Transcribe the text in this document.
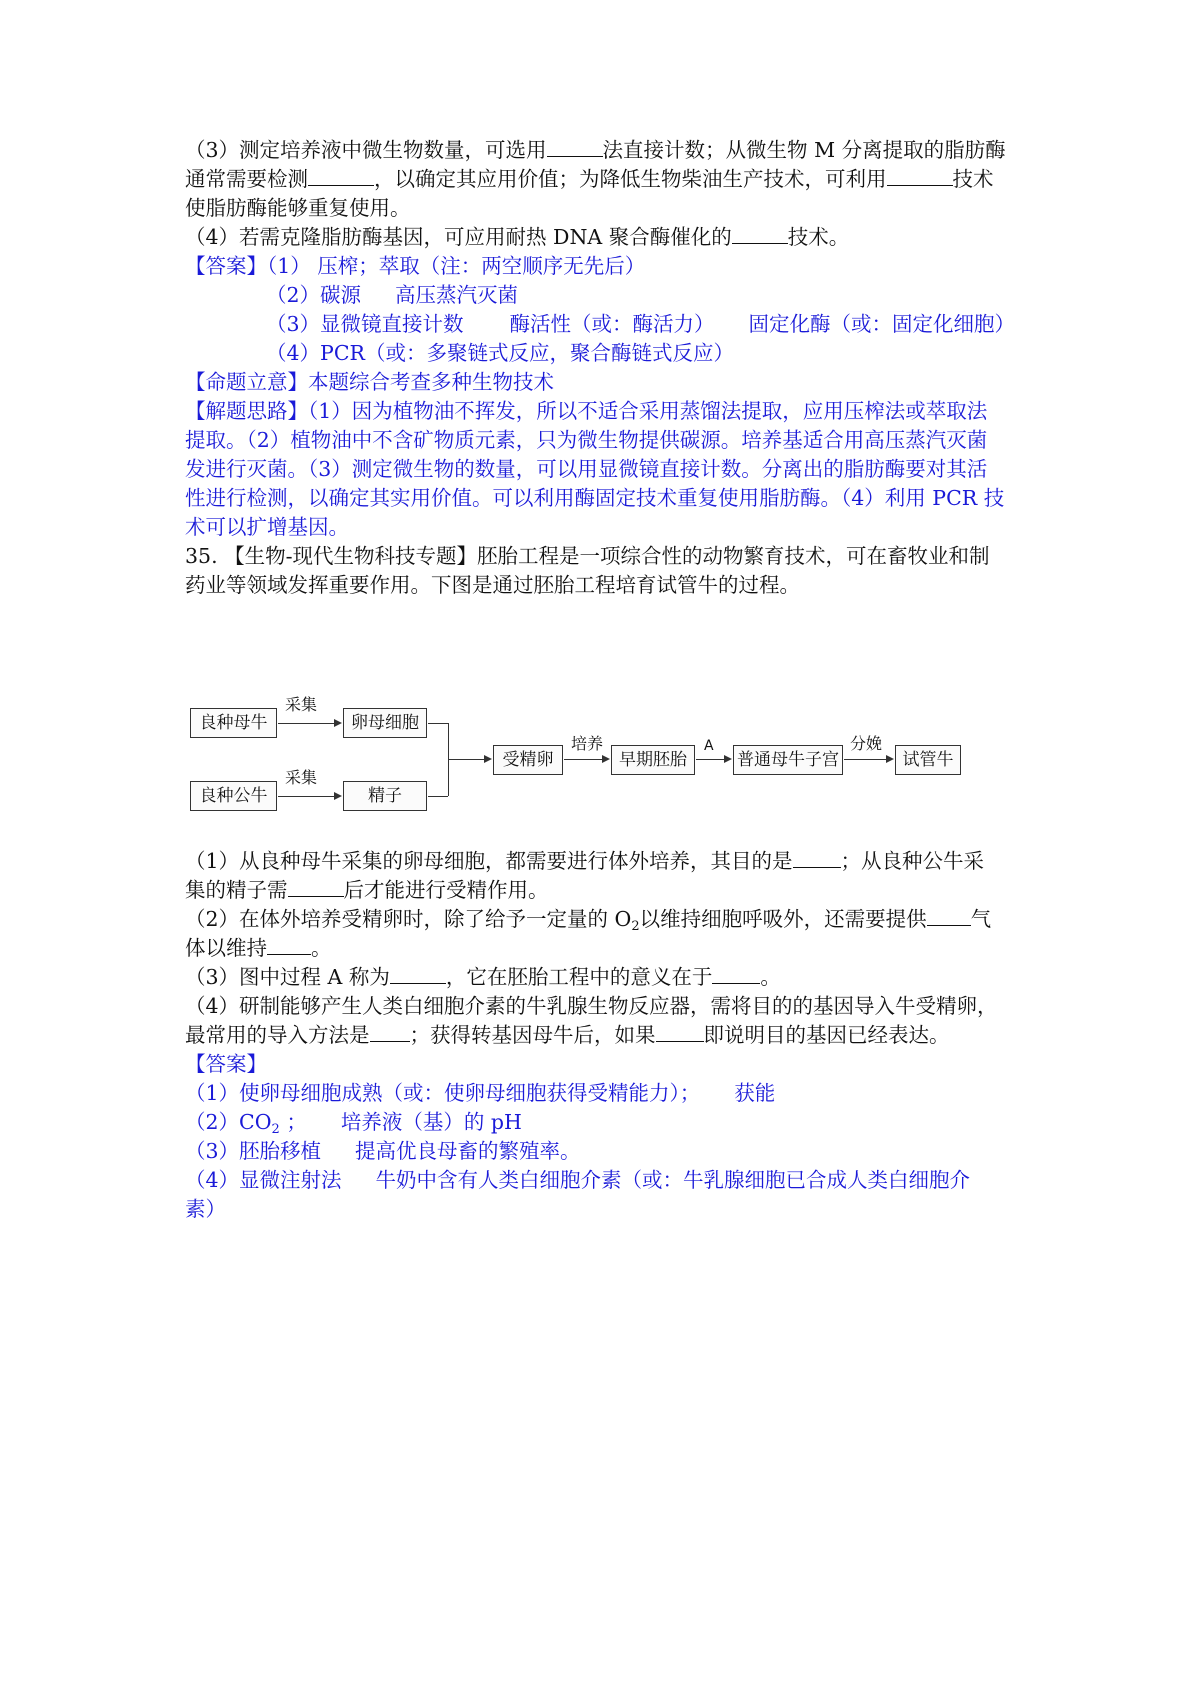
（3）测定培养液中微生物数量，可选用	法直接计数；从微生物 M 分离提取的脂肪酶
通常需要检测	，以确定其应用价值；为降低生物柴油生产技术，可利用	技术
使脂肪酶能够重复使用。
（4）若需克隆脂肪酶基因，可应用耐热 DNA 聚合酶催化的	技术。
【答案】（1） 压榨；萃取（注：两空顺序无先后）
（2）碳源 高压蒸汽灭菌
（3）显微镜直接计数 酶活性（或：酶活力） 固定化酶（或：固定化细胞）
（4）PCR（或：多聚链式反应，聚合酶链式反应）
【命题立意】本题综合考查多种生物技术
【解题思路】（1）因为植物油不挥发，所以不适合采用蒸馏法提取，应用压榨法或萃取法
提取。（2）植物油中不含矿物质元素，只为微生物提供碳源。培养基适合用高压蒸汽灭菌
发进行灭菌。（3）测定微生物的数量，可以用显微镜直接计数。分离出的脂肪酶要对其活
性进行检测，以确定其实用价值。可以利用酶固定技术重复使用脂肪酶。（4）利用 PCR 技
术可以扩增基因。
35. 【生物-现代生物科技专题】胚胎工程是一项综合性的动物繁育技术，可在畜牧业和制
药业等领域发挥重要作用。下图是通过胚胎工程培育试管牛的过程。
良种母牛
良种公牛
采集
采集
卵母细胞
精子
受精卵
培养
早期胚胎
A
普通母牛子宫
分娩
试管牛
（1）从良种母牛采集的卵母细胞，都需要进行体外培养，其目的是 ；从良种公牛采
集的精子需	后才能进行受精作用。
（2）在体外培养受精卵时，除了给予一定量的 $O_2$以维持细胞呼吸外，还需要提供 气
体以维持 。
（3）图中过程 A 称为	，它在胚胎工程中的意义在于 。
（4）研制能够产生人类白细胞介素的牛乳腺生物反应器，需将目的的基因导入牛受精卵，
最常用的导入方法是 ；获得转基因母牛后，如果 即说明目的基因已经表达。
【答案】
（1）使卵母细胞成熟（或：使卵母细胞获得受精能力）； 获能
$(2)CO_2$ ； 培养液（基）的 pH
（3）胚胎移植 提高优良母畜的繁殖率。
（4）显微注射法 牛奶中含有人类白细胞介素（或：牛乳腺细胞已合成人类白细胞介
素）
